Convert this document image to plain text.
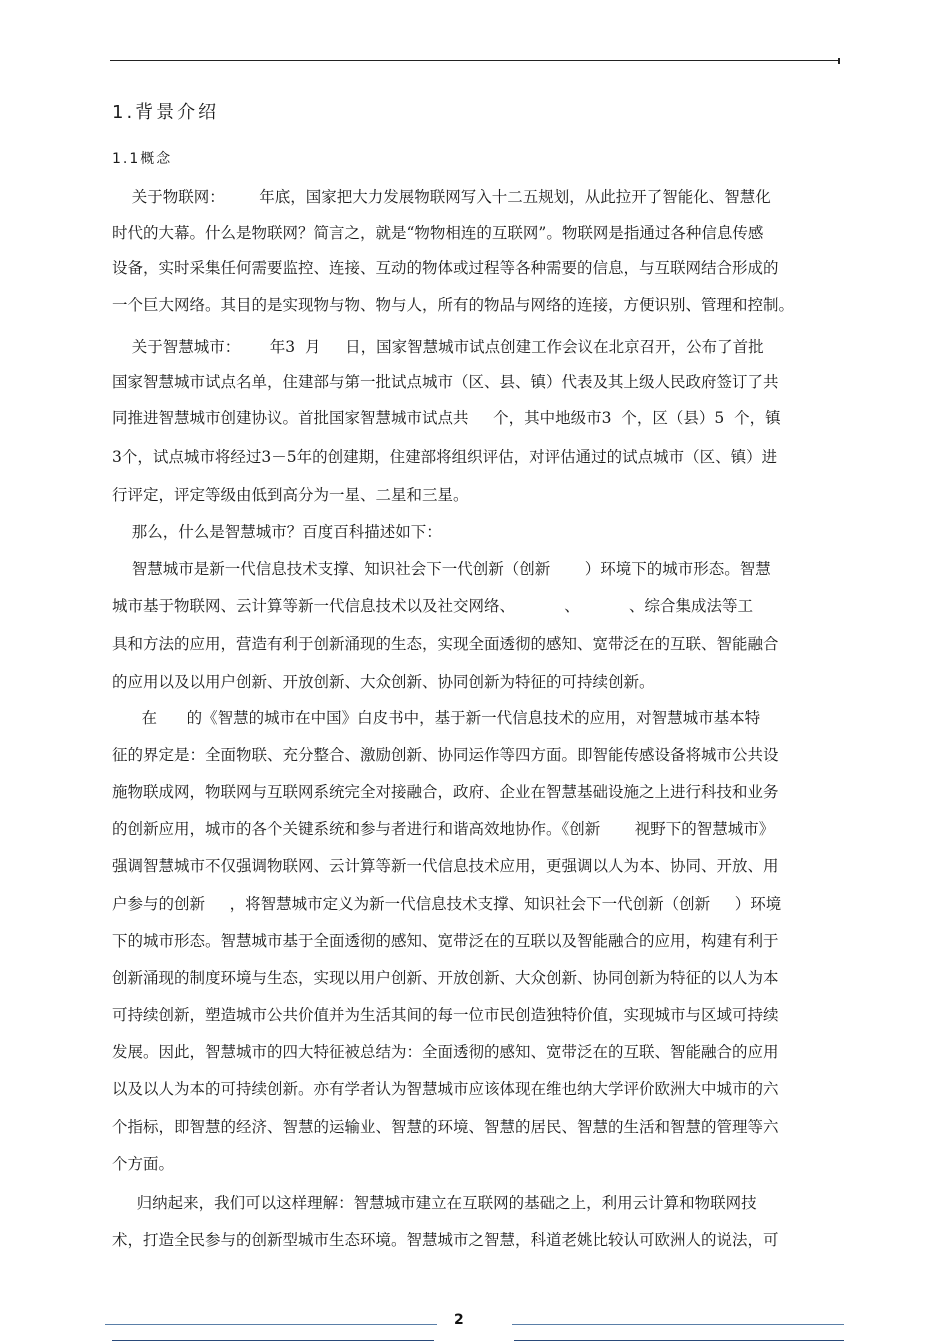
1.背景介绍
1.1概念
关于物联网：       年底，国家把大力发展物联网写入十二五规划，从此拉开了智能化、智慧化
时代的大幕。什么是物联网？简言之，就是“物物相连的互联网”。物联网是指通过各种信息传感
设备，实时采集任何需要监控、连接、互动的物体或过程等各种需要的信息，与互联网结合形成的
一个巨大网络。其目的是实现物与物、物与人，所有的物品与网络的连接，方便识别、管理和控制。
关于智慧城市：      年3  月     日，国家智慧城市试点创建工作会议在北京召开，公布了首批
国家智慧城市试点名单，住建部与第一批试点城市（区、县、镇）代表及其上级人民政府签订了共
同推进智慧城市创建协议。首批国家智慧城市试点共     个，其中地级市3  个，区（县）5  个，镇
3个，试点城市将经过3－5年的创建期，住建部将组织评估，对评估通过的试点城市（区、镇）进
行评定，评定等级由低到高分为一星、二星和三星。
那么，什么是智慧城市？百度百科描述如下：
智慧城市是新一代信息技术支撑、知识社会下一代创新（创新       ）环境下的城市形态。智慧
城市基于物联网、云计算等新一代信息技术以及社交网络、          、          、综合集成法等工
具和方法的应用，营造有利于创新涌现的生态，实现全面透彻的感知、宽带泛在的互联、智能融合
的应用以及以用户创新、开放创新、大众创新、协同创新为特征的可持续创新。
在      的《智慧的城市在中国》白皮书中，基于新一代信息技术的应用，对智慧城市基本特
征的界定是：全面物联、充分整合、激励创新、协同运作等四方面。即智能传感设备将城市公共设
施物联成网，物联网与互联网系统完全对接融合，政府、企业在智慧基础设施之上进行科技和业务
的创新应用，城市的各个关键系统和参与者进行和谐高效地协作。《创新       视野下的智慧城市》
强调智慧城市不仅强调物联网、云计算等新一代信息技术应用，更强调以人为本、协同、开放、用
户参与的创新     ，将智慧城市定义为新一代信息技术支撑、知识社会下一代创新（创新     ）环境
下的城市形态。智慧城市基于全面透彻的感知、宽带泛在的互联以及智能融合的应用，构建有利于
创新涌现的制度环境与生态，实现以用户创新、开放创新、大众创新、协同创新为特征的以人为本
可持续创新，塑造城市公共价值并为生活其间的每一位市民创造独特价值，实现城市与区域可持续
发展。因此，智慧城市的四大特征被总结为：全面透彻的感知、宽带泛在的互联、智能融合的应用
以及以人为本的可持续创新。亦有学者认为智慧城市应该体现在维也纳大学评价欧洲大中城市的六
个指标，即智慧的经济、智慧的运输业、智慧的环境、智慧的居民、智慧的生活和智慧的管理等六
个方面。
归纳起来，我们可以这样理解：智慧城市建立在互联网的基础之上，利用云计算和物联网技
术，打造全民参与的创新型城市生态环境。智慧城市之智慧，科道老姚比较认可欧洲人的说法，可
2
